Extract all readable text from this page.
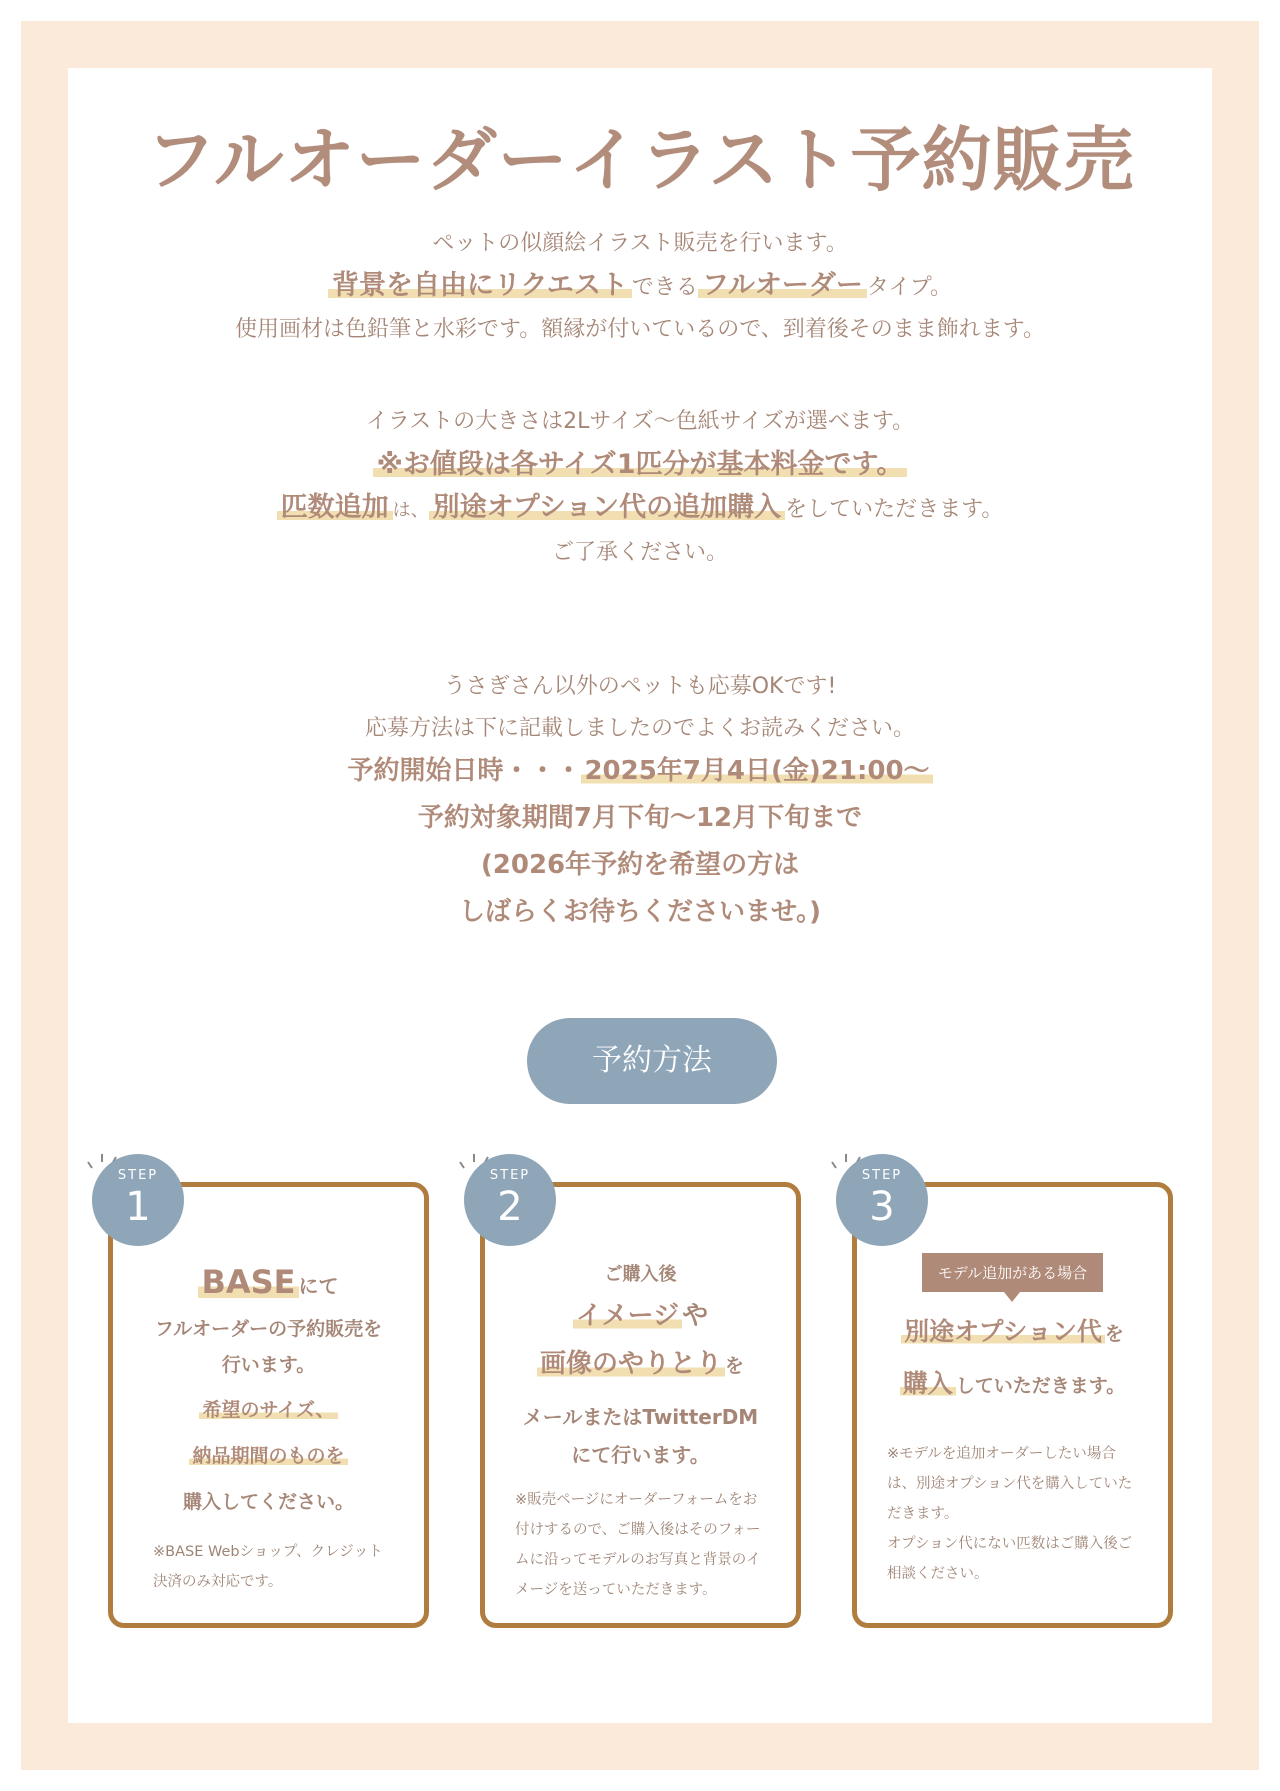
フルオーダーイラスト予約販売
ペットの似顔絵イラスト販売を行います。
背景を自由にリクエスト できる フルオーダー タイプ。
使用画材は色鉛筆と水彩です。額縁が付いているので、到着後そのまま飾れます。
イラストの大きさは2Lサイズ〜色紙サイズが選べます。
※お値段は各サイズ1匹分が基本料金です。
匹数追加 は、 別途オプション代の追加購入 をしていただきます。
ご了承ください。
うさぎさん以外のペットも応募OKです!
応募方法は下に記載しましたのでよくお読みください。
予約開始日時・・・ 2025年7月4日(金)21:00〜
予約対象期間7月下旬〜12月下旬まで
(2026年予約を希望の方は
しばらくお待ちくださいませ。)
予約方法
BASE にて
フルオーダーの予約販売を
行います。
希望のサイズ、
納品期間のものを
購入してください。
※BASE Webショップ、クレジット決済のみ対応です。
STEP
1
ご購入後
イメージ や
画像のやりとり を
メールまたはTwitterDM
にて行います。
※販売ページにオーダーフォームをお付けするので、ご購入後はそのフォームに沿ってモデルのお写真と背景のイメージを送っていただきます。
STEP
2
モデル追加がある場合
別途オプション代 を
購入 していただきます。
※モデルを追加オーダーしたい場合は、別途オプション代を購入していただきます。
オプション代にない匹数はご購入後ご相談ください。
STEP
3
